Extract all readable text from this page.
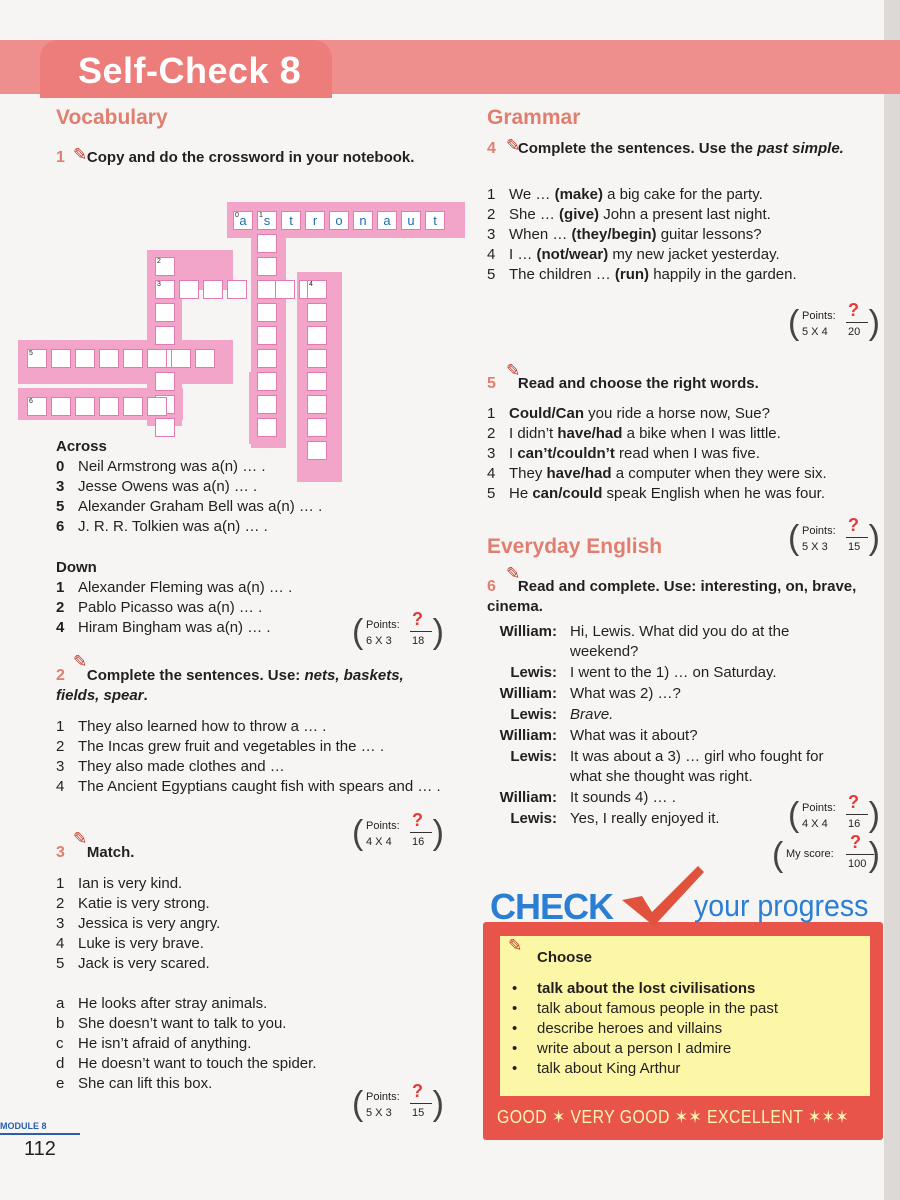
Self-Check 8
Vocabulary
1 Copy and do the crossword in your notebook.
✎
0 a	1 s	t	r	o	n	a	u	t
3
2
4
5
6
Across
0 Neil Armstrong was a(n) … .
3 Jesse Owens was a(n) … .
5 Alexander Graham Bell was a(n) … .
6 J. R. R. Tolkien was a(n) … .
Down
1 Alexander Fleming was a(n) … .
2 Pablo Picasso was a(n) … .
4 Hiram Bingham was a(n) … . ( Points:
6 X 3
?
18 )
2 Complete the sentences. Use: nets, baskets, fields, spear.
✎
1 They also learned how to throw a … .
2 The Incas grew fruit and vegetables in the … .
3 They also made clothes and …
4 The Ancient Egyptians caught fish with spears and … .
( Points:
4 X 4
?
16 )
3 Match.
✎
1 Ian is very kind.
2 Katie is very strong.
3 Jessica is very angry.
4 Luke is very brave.
5 Jack is very scared.
a He looks after stray animals.
b She doesn’t want to talk to you.
c He isn’t afraid of anything.
d He doesn’t want to touch the spider.
e She can lift this box.
( Points:
5 X 3
?
15 )
Grammar
4 Complete the sentences. Use the past simple.
✎
1 We … (make) a big cake for the party.
2 She … (give) John a present last night.
3 When … (they/begin) guitar lessons?
4 I … (not/wear) my new jacket yesterday.
5 The children … (run) happily in the garden.
( Points:
5 X 4
?
20 )
5 Read and choose the right words.
✎
1 Could/Can you ride a horse now, Sue?
2 I didn’t have/had a bike when I was little.
3 I can’t/couldn’t read when I was five.
4 They have/had a computer when they were six.
5 He can/could speak English when he was four.
Everyday English	( Points:
5 X 3
?
15 )
6 Read and complete. Use: interesting, on, brave, cinema.
✎
William: Hi, Lewis. What did you do at the
weekend?
Lewis: I went to the 1) … on Saturday.
William: What was 2) …?
Lewis: Brave.
William: What was it about?
Lewis: It was about a 3) … girl who fought for
what she thought was right.
William: It sounds 4) … .
Lewis: Yes, I really enjoyed it. ( Points:
4 X 4
?
16 )
( My score:
?
100 )
CHECK	your progress
✎
Choose
• talk about the lost civilisations
• talk about famous people in the past
• describe heroes and villains
• write about a person I admire
• talk about King Arthur
GOOD ✶ VERY GOOD ✶✶ EXCELLENT ✶✶✶
MODULE 8
112
